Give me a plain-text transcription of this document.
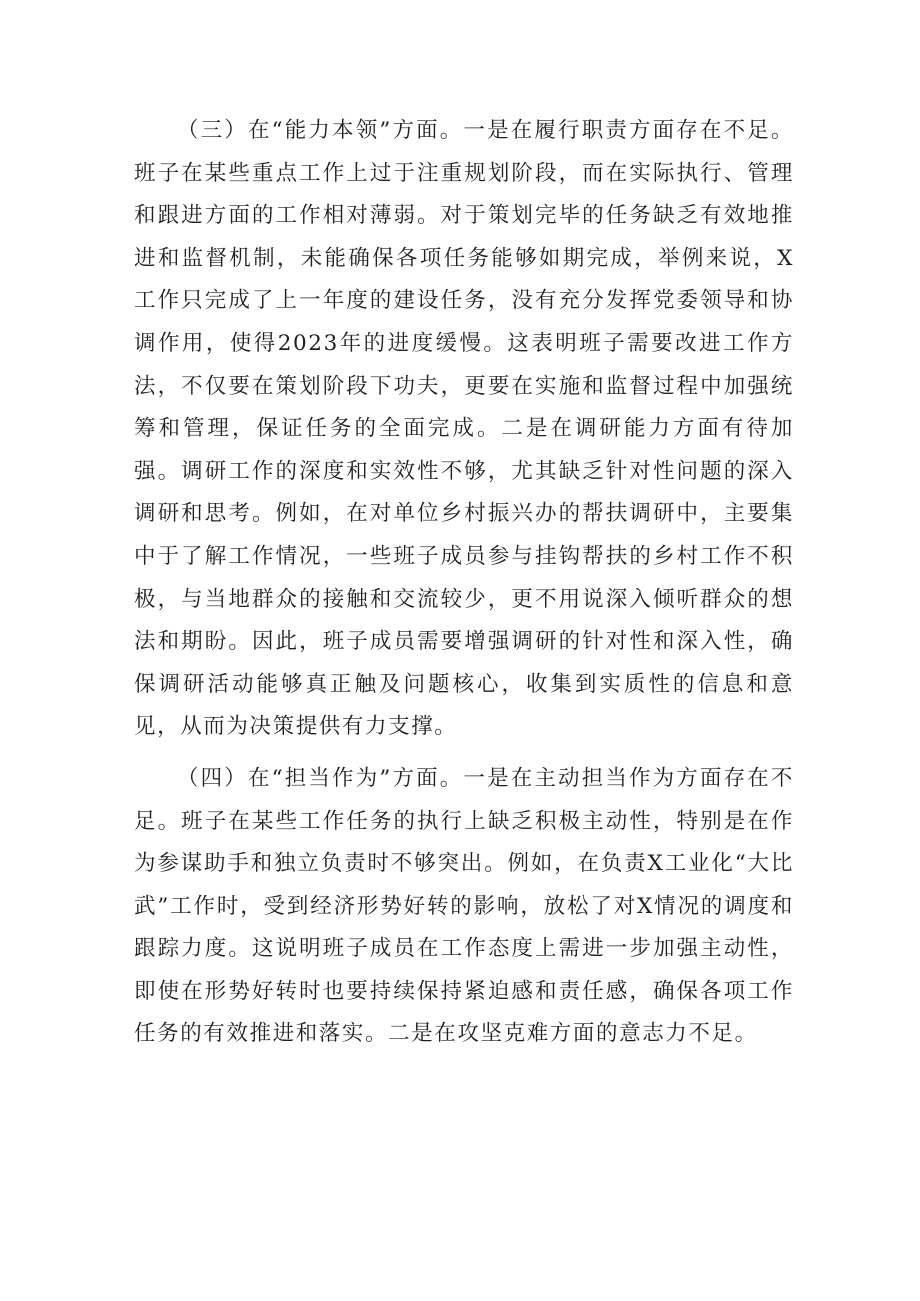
（三）在“能力本领”方面。一是在履行职责方面存在不足。班子在某些重点工作上过于注重规划阶段，而在实际执行、管理和跟进方面的工作相对薄弱。对于策划完毕的任务缺乏有效地推进和监督机制，未能确保各项任务能够如期完成，举例来说，X工作只完成了上一年度的建设任务，没有充分发挥党委领导和协调作用，使得2023年的进度缓慢。这表明班子需要改进工作方法，不仅要在策划阶段下功夫，更要在实施和监督过程中加强统筹和管理，保证任务的全面完成。二是在调研能力方面有待加强。调研工作的深度和实效性不够，尤其缺乏针对性问题的深入调研和思考。例如，在对单位乡村振兴办的帮扶调研中，主要集中于了解工作情况，一些班子成员参与挂钩帮扶的乡村工作不积极，与当地群众的接触和交流较少，更不用说深入倾听群众的想法和期盼。因此，班子成员需要增强调研的针对性和深入性，确保调研活动能够真正触及问题核心，收集到实质性的信息和意见，从而为决策提供有力支撑。

（四）在“担当作为”方面。一是在主动担当作为方面存在不足。班子在某些工作任务的执行上缺乏积极主动性，特别是在作为参谋助手和独立负责时不够突出。例如，在负责X工业化“大比武”工作时，受到经济形势好转的影响，放松了对X情况的调度和跟踪力度。这说明班子成员在工作态度上需进一步加强主动性，即使在形势好转时也要持续保持紧迫感和责任感，确保各项工作任务的有效推进和落实。二是在攻坚克难方面的意志力不足。
